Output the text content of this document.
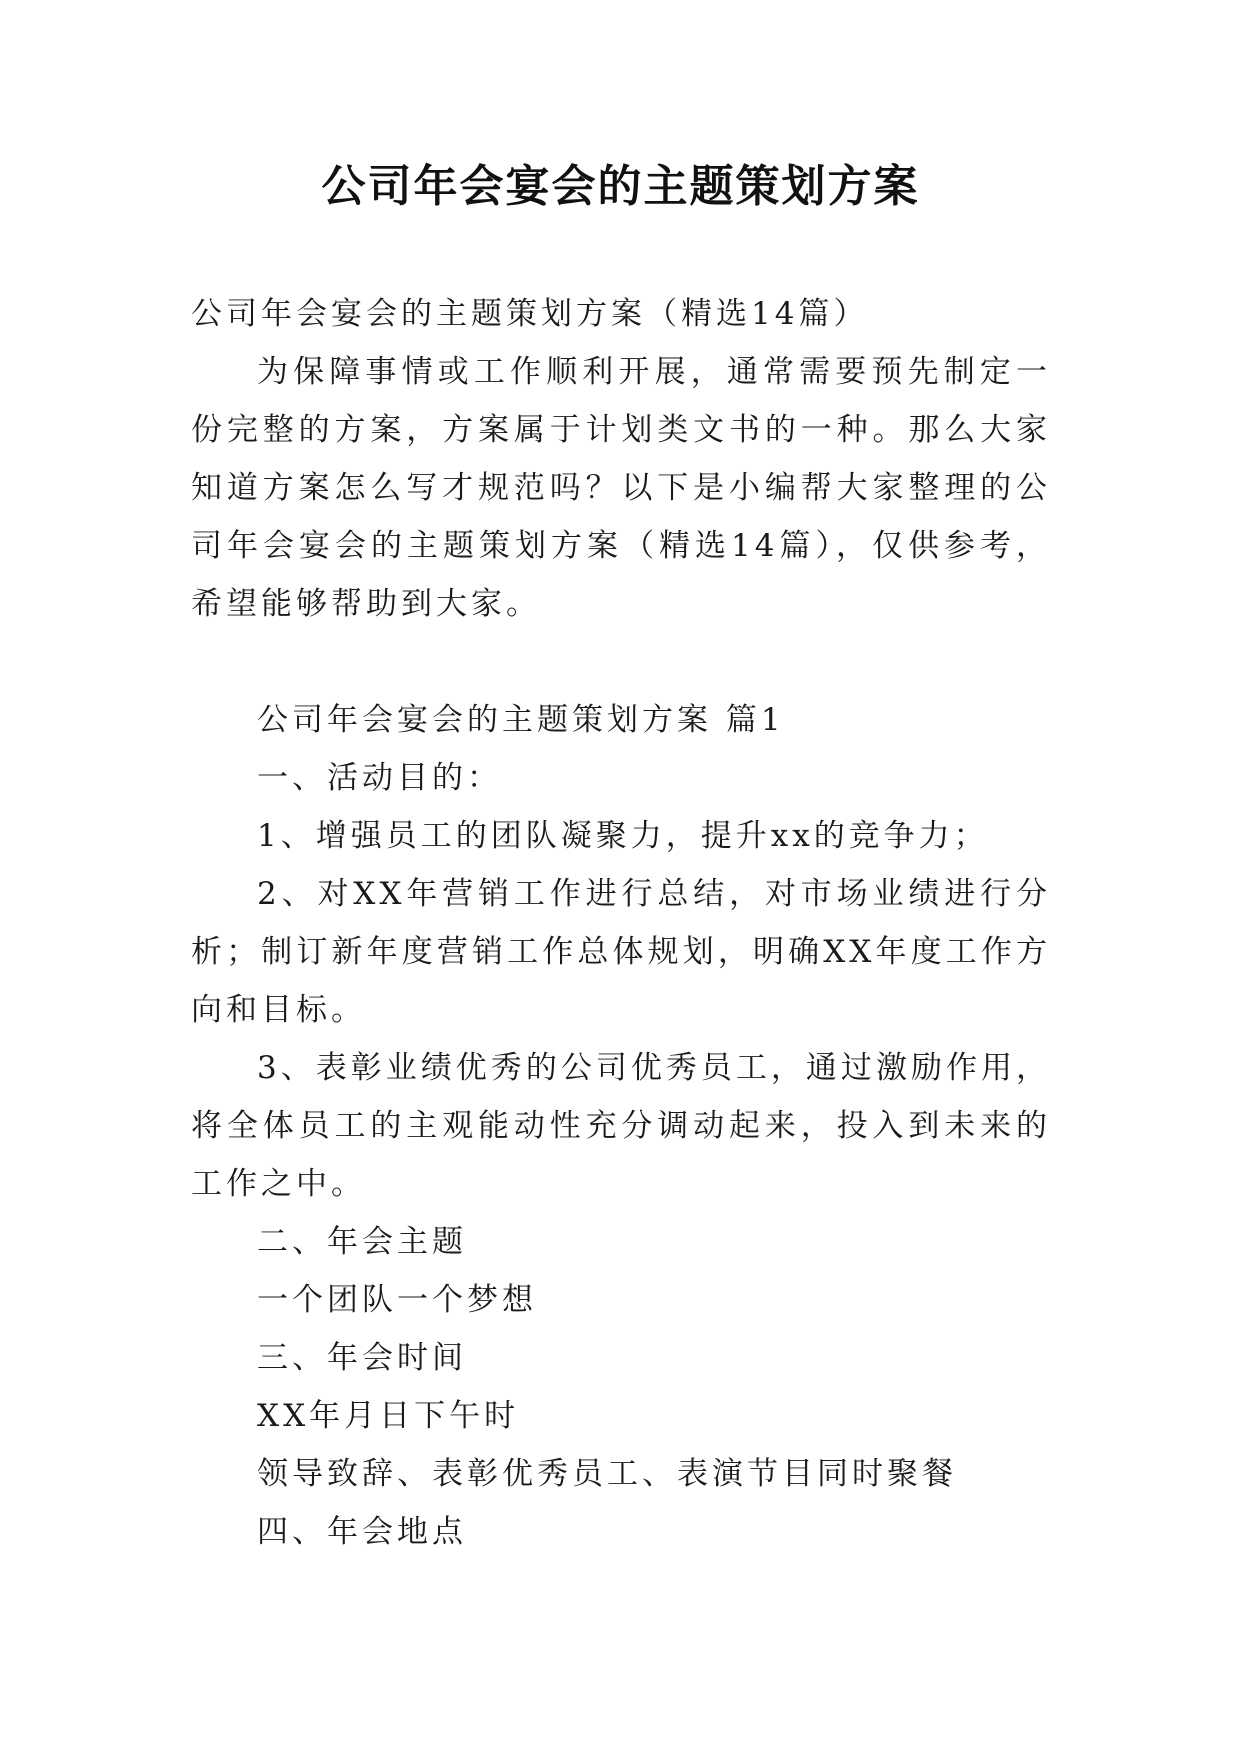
公司年会宴会的主题策划方案

公司年会宴会的主题策划方案（精选14篇）

为保障事情或工作顺利开展，通常需要预先制定一份完整的方案，方案属于计划类文书的一种。那么大家知道方案怎么写才规范吗？以下是小编帮大家整理的公司年会宴会的主题策划方案（精选14篇），仅供参考，希望能够帮助到大家。

公司年会宴会的主题策划方案 篇1

一、活动目的：

1、增强员工的团队凝聚力，提升xx的竞争力；

2、对XX年营销工作进行总结，对市场业绩进行分析；制订新年度营销工作总体规划，明确XX年度工作方向和目标。

3、表彰业绩优秀的公司优秀员工，通过激励作用，将全体员工的主观能动性充分调动起来，投入到未来的工作之中。

二、年会主题

一个团队一个梦想

三、年会时间

XX年月日下午时

领导致辞、表彰优秀员工、表演节目同时聚餐

四、年会地点
